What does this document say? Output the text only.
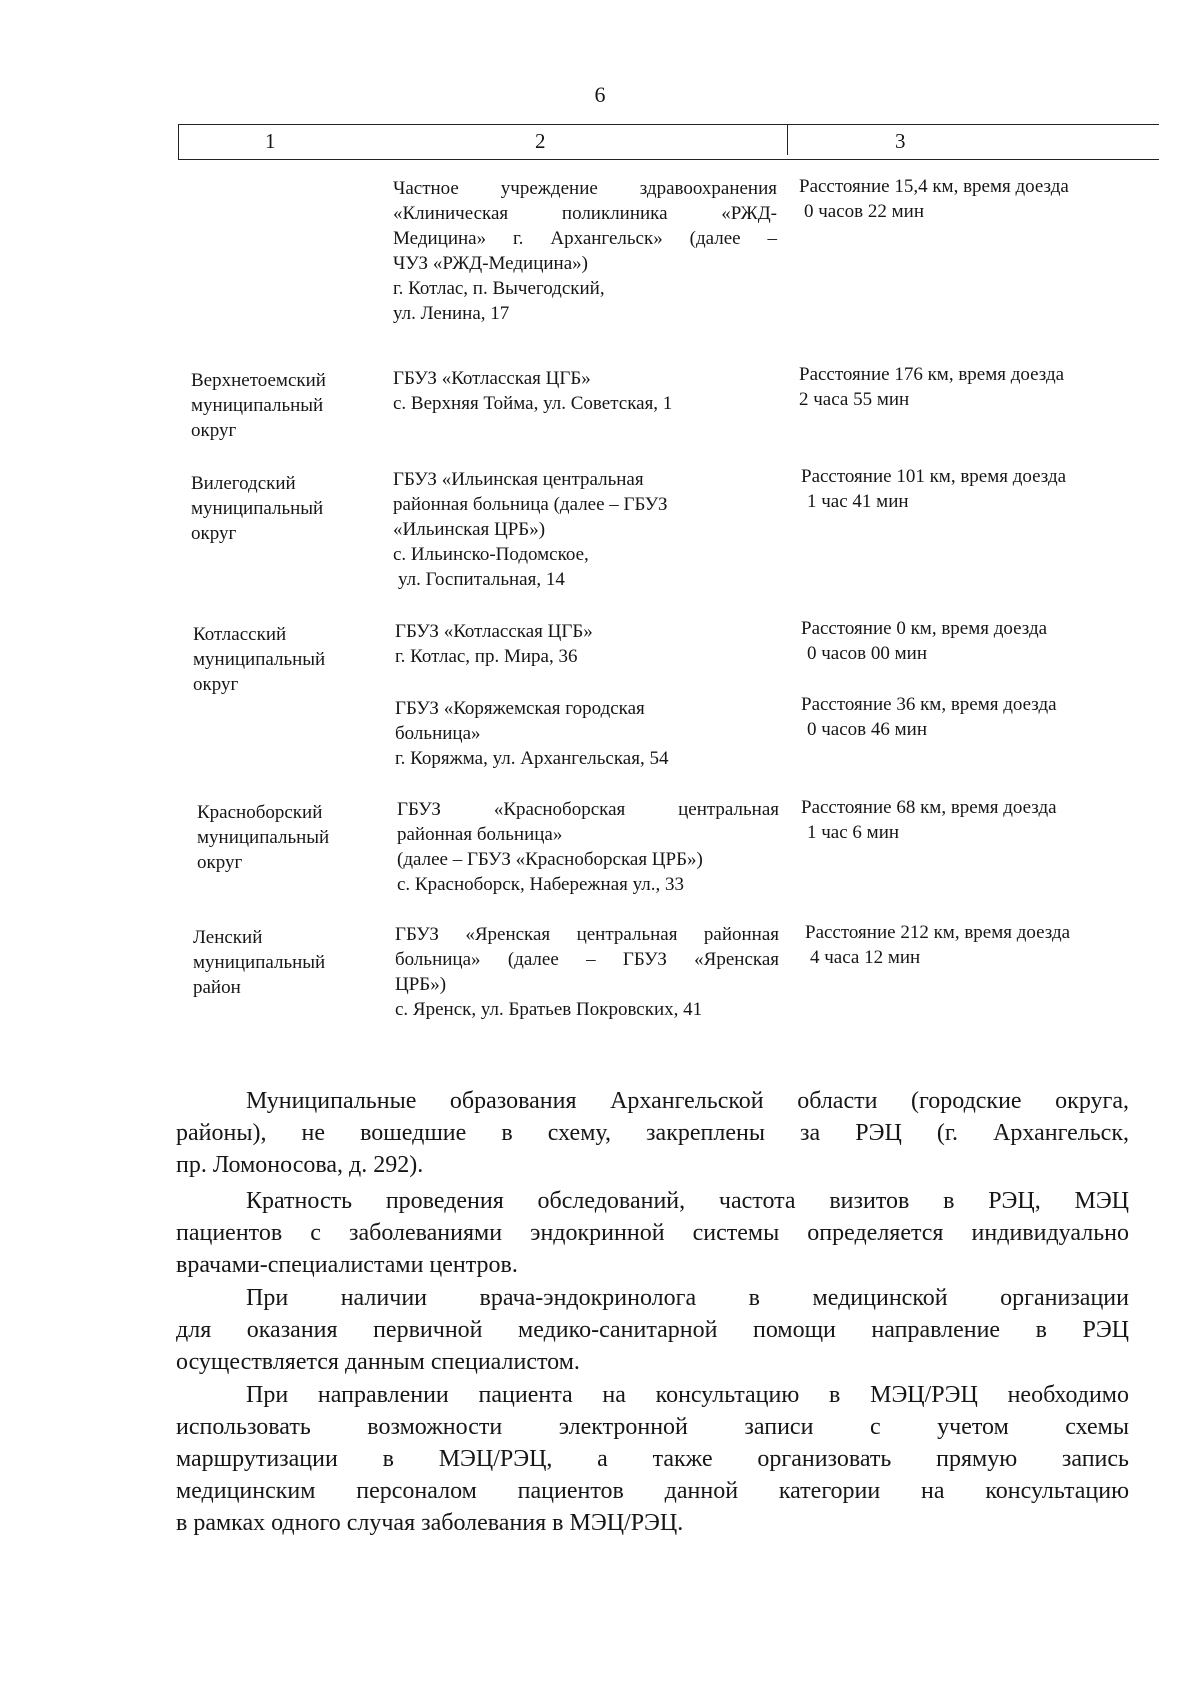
6
1	2	3
Частное учреждение здравоохранения
«Клиническая поликлиника «РЖД-
Медицина» г. Архангельск» (далее –
ЧУЗ «РЖД-Медицина»)
г. Котлас, п. Вычегодский,
ул. Ленина, 17
Расстояние 15,4 км, время доезда
0 часов 22 мин
Верхнетоемский
муниципальный
округ
ГБУЗ «Котласская ЦГБ»
с. Верхняя Тойма, ул. Советская, 1
Расстояние 176 км, время доезда
2 часа 55 мин
Вилегодский
муниципальный
округ
ГБУЗ «Ильинская центральная
районная больница (далее – ГБУЗ
«Ильинская ЦРБ»)
с. Ильинско-Подомское,
ул. Госпитальная, 14
Расстояние 101 км, время доезда
1 час 41 мин
Котласский
муниципальный
округ
ГБУЗ «Котласская ЦГБ»
г. Котлас, пр. Мира, 36
Расстояние 0 км, время доезда
0 часов 00 мин
ГБУЗ «Коряжемская городская
больница»
г. Коряжма, ул. Архангельская, 54
Расстояние 36 км, время доезда
0 часов 46 мин
Красноборский
муниципальный
округ
ГБУЗ «Красноборская центральная
районная больница»
(далее – ГБУЗ «Красноборская ЦРБ»)
с. Красноборск, Набережная ул., 33
Расстояние 68 км, время доезда
1 час 6 мин
Ленский
муниципальный
район
ГБУЗ «Яренская центральная районная
больница» (далее – ГБУЗ «Яренская
ЦРБ»)
с. Яренск, ул. Братьев Покровских, 41
Расстояние 212 км, время доезда
4 часа 12 мин
Муниципальные образования Архангельской области (городские округа,
районы), не вошедшие в схему, закреплены за РЭЦ (г. Архангельск,
пр. Ломоносова, д. 292).
Кратность проведения обследований, частота визитов в РЭЦ, МЭЦ
пациентов с заболеваниями эндокринной системы определяется индивидуально
врачами-специалистами центров.
При наличии врача-эндокринолога в медицинской организации
для оказания первичной медико-санитарной помощи направление в РЭЦ
осуществляется данным специалистом.
При направлении пациента на консультацию в МЭЦ/РЭЦ необходимо
использовать возможности электронной записи с учетом схемы
маршрутизации в МЭЦ/РЭЦ, а также организовать прямую запись
медицинским персоналом пациентов данной категории на консультацию
в рамках одного случая заболевания в МЭЦ/РЭЦ.
